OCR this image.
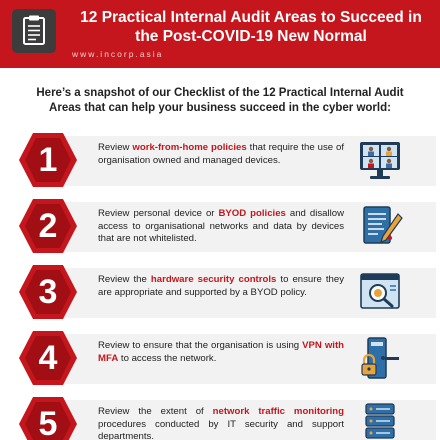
12 Practical Internal Audit Areas to Succeed in the Post-COVID-19 New Normal
www.incorp.asia
Here’s a snapshot of our Checklist of the 12 Practical Internal Audit Areas that can help your business succeed in the cyber world:
1	Review work-from-home policies that require the use of organisation owned and managed devices.
2	Review personal device or BYOD policies and disallow access to organisational networks and data by devices that are not whitelisted.
3	Review the hardware security controls to ensure they are appropriate and supported by a BYOD policy.
4	Review to ensure that the organisation is using VPN with MFA to access the network.
5	Review the extent of network traffic monitoring procedures conducted by IT security and support departments.
